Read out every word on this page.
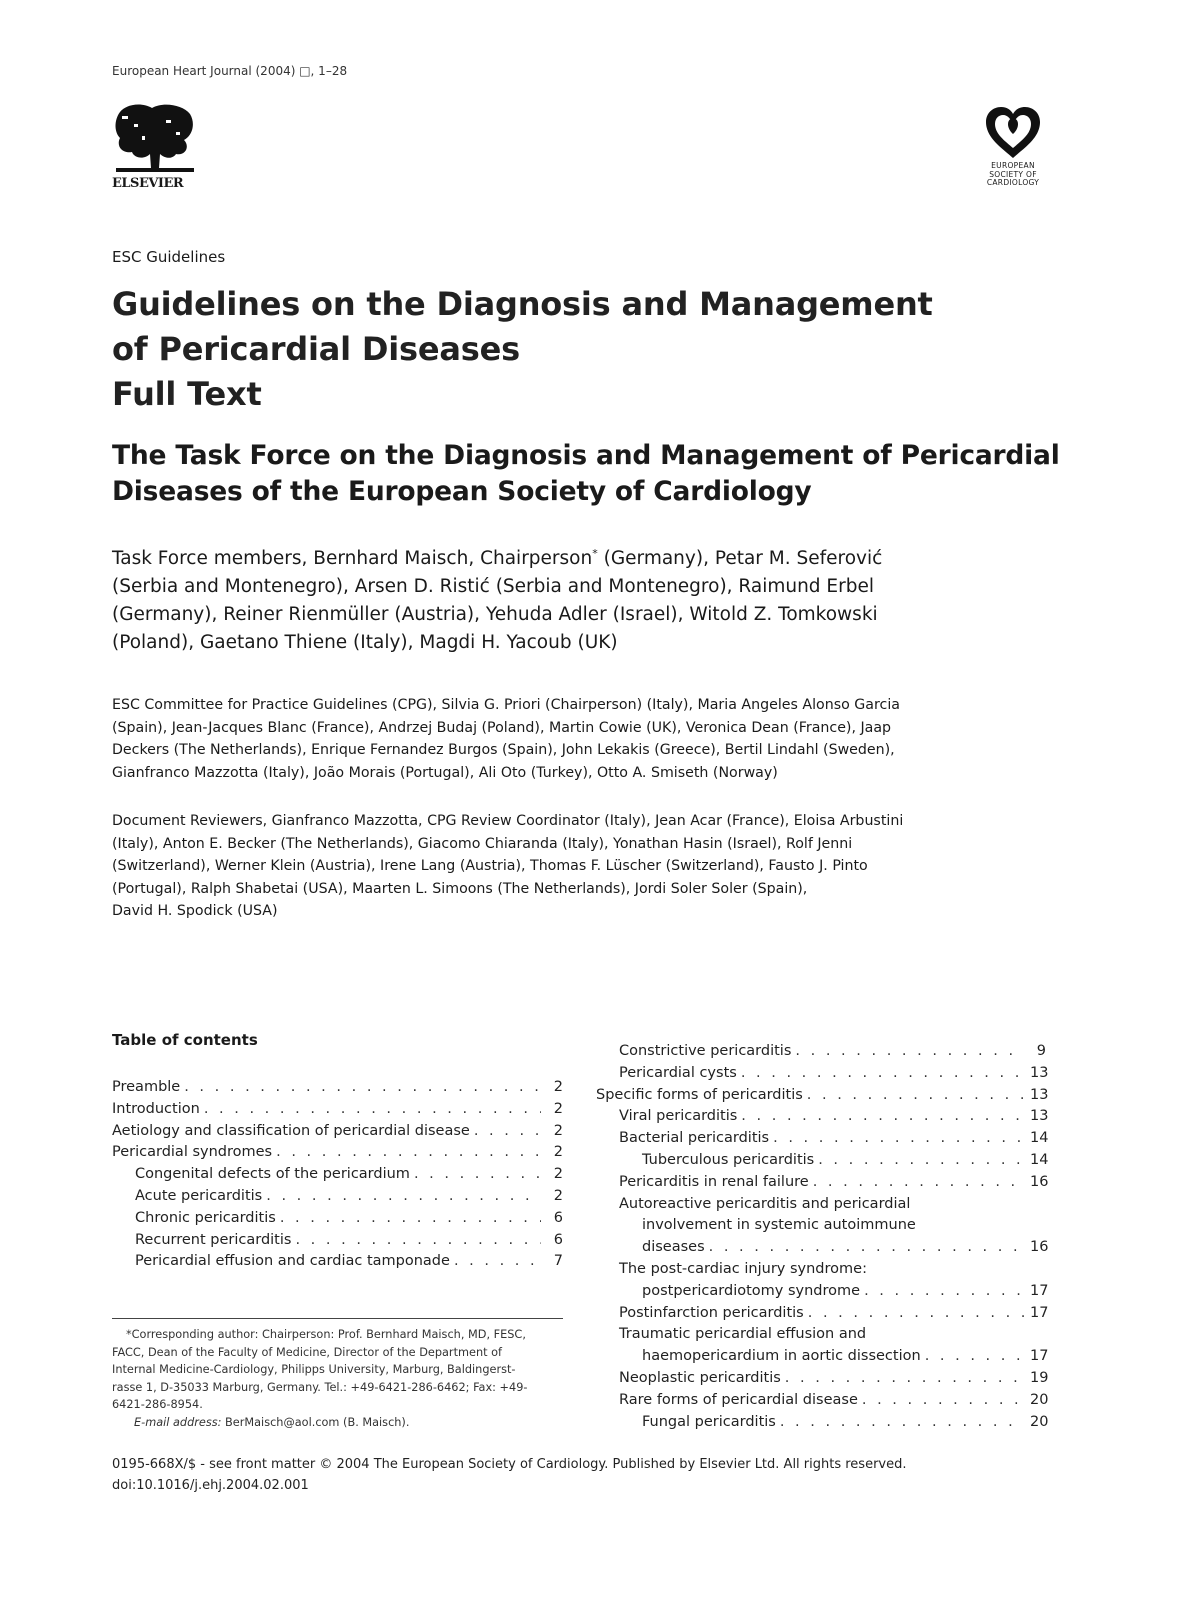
European Heart Journal (2004) □, 1–28
ELSEVIER
EUROPEAN
SOCIETY OF
CARDIOLOGY
ESC Guidelines
Guidelines on the Diagnosis and Management
of Pericardial Diseases
Full Text
The Task Force on the Diagnosis and Management of Pericardial
Diseases of the European Society of Cardiology
Task Force members, Bernhard Maisch, Chairperson* (Germany), Petar M. Seferović
(Serbia and Montenegro), Arsen D. Ristić (Serbia and Montenegro), Raimund Erbel
(Germany), Reiner Rienmüller (Austria), Yehuda Adler (Israel), Witold Z. Tomkowski
(Poland), Gaetano Thiene (Italy), Magdi H. Yacoub (UK)
ESC Committee for Practice Guidelines (CPG), Silvia G. Priori (Chairperson) (Italy), Maria Angeles Alonso Garcia
(Spain), Jean-Jacques Blanc (France), Andrzej Budaj (Poland), Martin Cowie (UK), Veronica Dean (France), Jaap
Deckers (The Netherlands), Enrique Fernandez Burgos (Spain), John Lekakis (Greece), Bertil Lindahl (Sweden),
Gianfranco Mazzotta (Italy), João Morais (Portugal), Ali Oto (Turkey), Otto A. Smiseth (Norway)
Document Reviewers, Gianfranco Mazzotta, CPG Review Coordinator (Italy), Jean Acar (France), Eloisa Arbustini
(Italy), Anton E. Becker (The Netherlands), Giacomo Chiaranda (Italy), Yonathan Hasin (Israel), Rolf Jenni
(Switzerland), Werner Klein (Austria), Irene Lang (Austria), Thomas F. Lüscher (Switzerland), Fausto J. Pinto
(Portugal), Ralph Shabetai (USA), Maarten L. Simoons (The Netherlands), Jordi Soler Soler (Spain),
David H. Spodick (USA)
Table of contents
Preamble . . .	2
Introduction . . .	2
Aetiology and classification of pericardial disease . . .	2
Pericardial syndromes . . .	2
Congenital defects of the pericardium . . .	2
Acute pericarditis . . .	2
Chronic pericarditis . . .	6
Recurrent pericarditis . . .	6
Pericardial effusion and cardiac tamponade . . .	7
Constrictive pericarditis . . .	9
Pericardial cysts . . .	13
Specific forms of pericarditis . . .	13
Viral pericarditis . . .	13
Bacterial pericarditis . . .	14
Tuberculous pericarditis . . .	14
Pericarditis in renal failure . . .	16
Autoreactive pericarditis and pericardial
involvement in systemic autoimmune
diseases . . .	16
The post-cardiac injury syndrome:
postpericardiotomy syndrome . . .	17
Postinfarction pericarditis . . .	17
Traumatic pericardial effusion and
haemopericardium in aortic dissection . . .	17
Neoplastic pericarditis . . .	19
Rare forms of pericardial disease . . .	20
Fungal pericarditis . . .	20
*Corresponding author: Chairperson: Prof. Bernhard Maisch, MD, FESC,
FACC, Dean of the Faculty of Medicine, Director of the Department of
Internal Medicine-Cardiology, Philipps University, Marburg, Baldingerst-
rasse 1, D-35033 Marburg, Germany. Tel.: +49-6421-286-6462; Fax: +49-
6421-286-8954.
E-mail address: BerMaisch@aol.com (B. Maisch).
0195-668X/$ - see front matter © 2004 The European Society of Cardiology. Published by Elsevier Ltd. All rights reserved.
doi:10.1016/j.ehj.2004.02.001
